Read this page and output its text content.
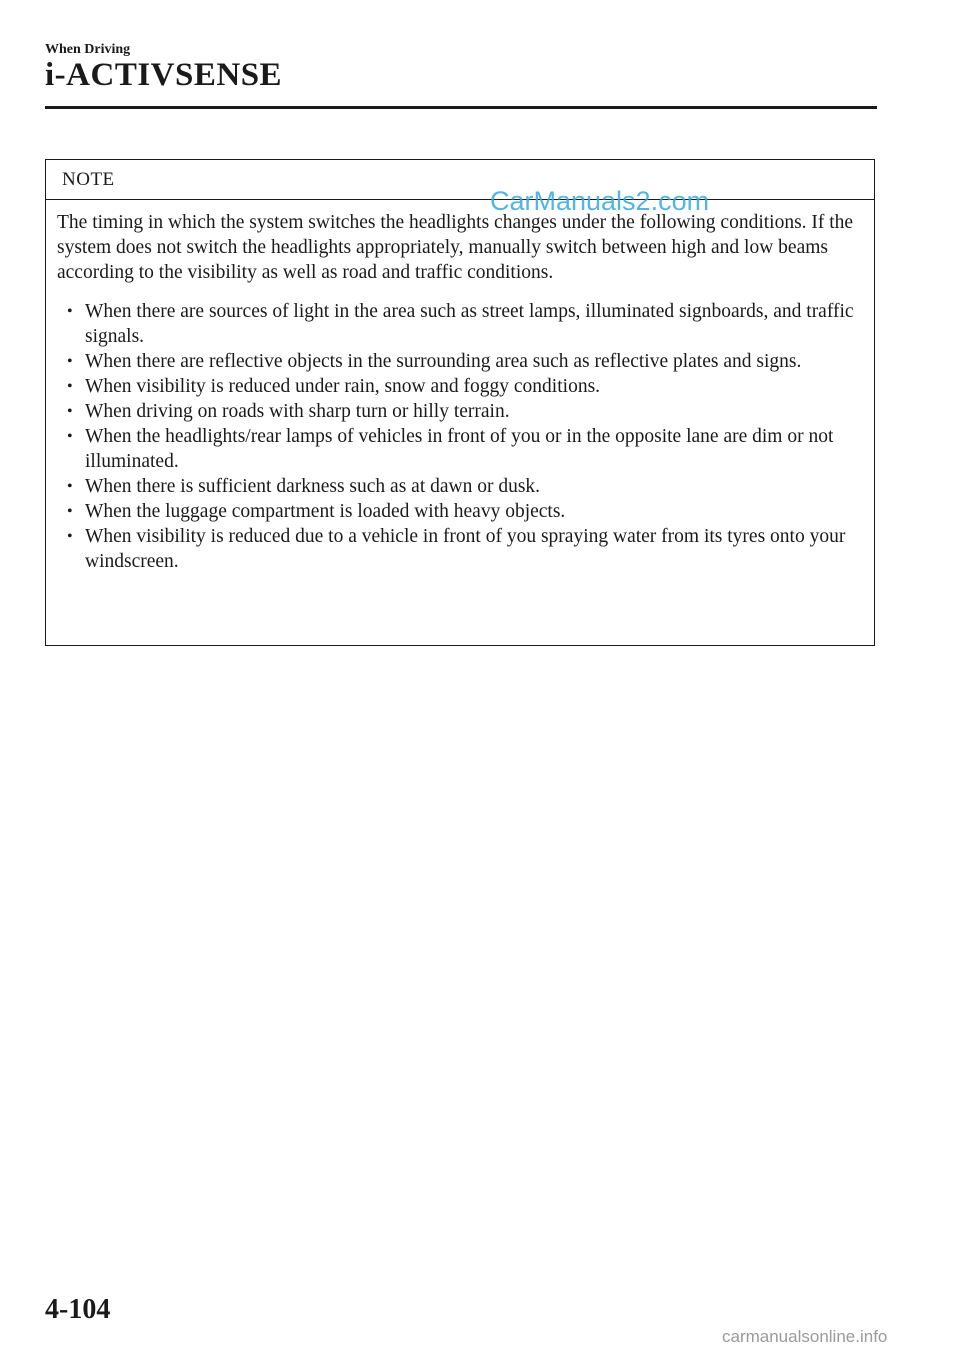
When Driving
i-ACTIVSENSE
NOTE
The timing in which the system switches the headlights changes under the following conditions. If the system does not switch the headlights appropriately, manually switch between high and low beams according to the visibility as well as road and traffic conditions.
• When there are sources of light in the area such as street lamps, illuminated signboards, and traffic signals.
• When there are reflective objects in the surrounding area such as reflective plates and signs.
• When visibility is reduced under rain, snow and foggy conditions.
• When driving on roads with sharp turn or hilly terrain.
• When the headlights/rear lamps of vehicles in front of you or in the opposite lane are dim or not illuminated.
• When there is sufficient darkness such as at dawn or dusk.
• When the luggage compartment is loaded with heavy objects.
• When visibility is reduced due to a vehicle in front of you spraying water from its tyres onto your windscreen.
CarManuals2.com
4-104
carmanualsonline.info
